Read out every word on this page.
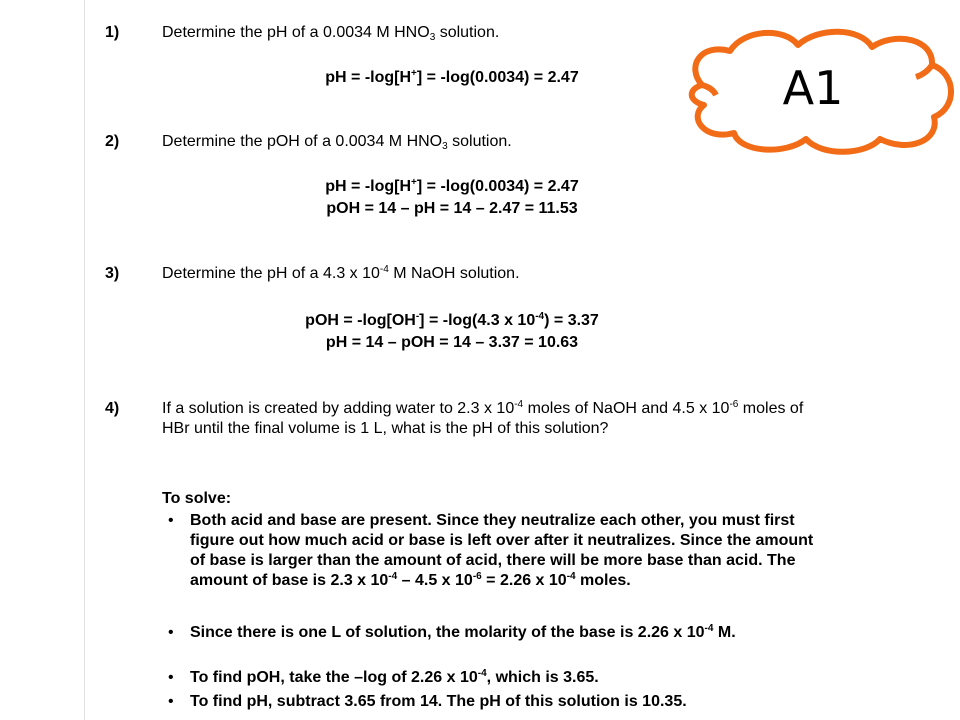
1)	Determine the pH of a 0.0034 M $HNO_3$ solution.
pH = -log[H+] = -log(0.0034) = 2.47
2)	Determine the pOH of a 0.0034 M $HNO_3$ solution.
pH = -log[H+] = -log(0.0034) = 2.47
pOH = 14 – pH = 14 – 2.47 = 11.53
3)	Determine the pH of a 4.3 x $10^{-4}$ M NaOH solution.
pOH = -log[OH-] = -log(4.3 x $10^{-4}) = 3.37$
pH = 14 – pOH = 14 – 3.37 = 10.63
4)	If a solution is created by adding water to 2.3 x $10^{-4}$ moles of NaOH and 4.5 x $10^{-6}$ moles of HBr until the final volume is 1 L, what is the pH of this solution?
To solve:
• Both acid and base are present. Since they neutralize each other, you must first figure out how much acid or base is left over after it neutralizes. Since the amount of base is larger than the amount of acid, there will be more base than acid. The amount of base is 2.3 x $10^{-4} - 4.5$ x $10^{-6} = 2.26$ x $10^{-4}$ moles.
• Since there is one L of solution, the molarity of the base is 2.26 x $10^{-4}$ M.
• To find pOH, take the –log of 2.26 x $10^{-4}$, which is 3.65.
• To find pH, subtract 3.65 from 14. The pH of this solution is 10.35.
A1
